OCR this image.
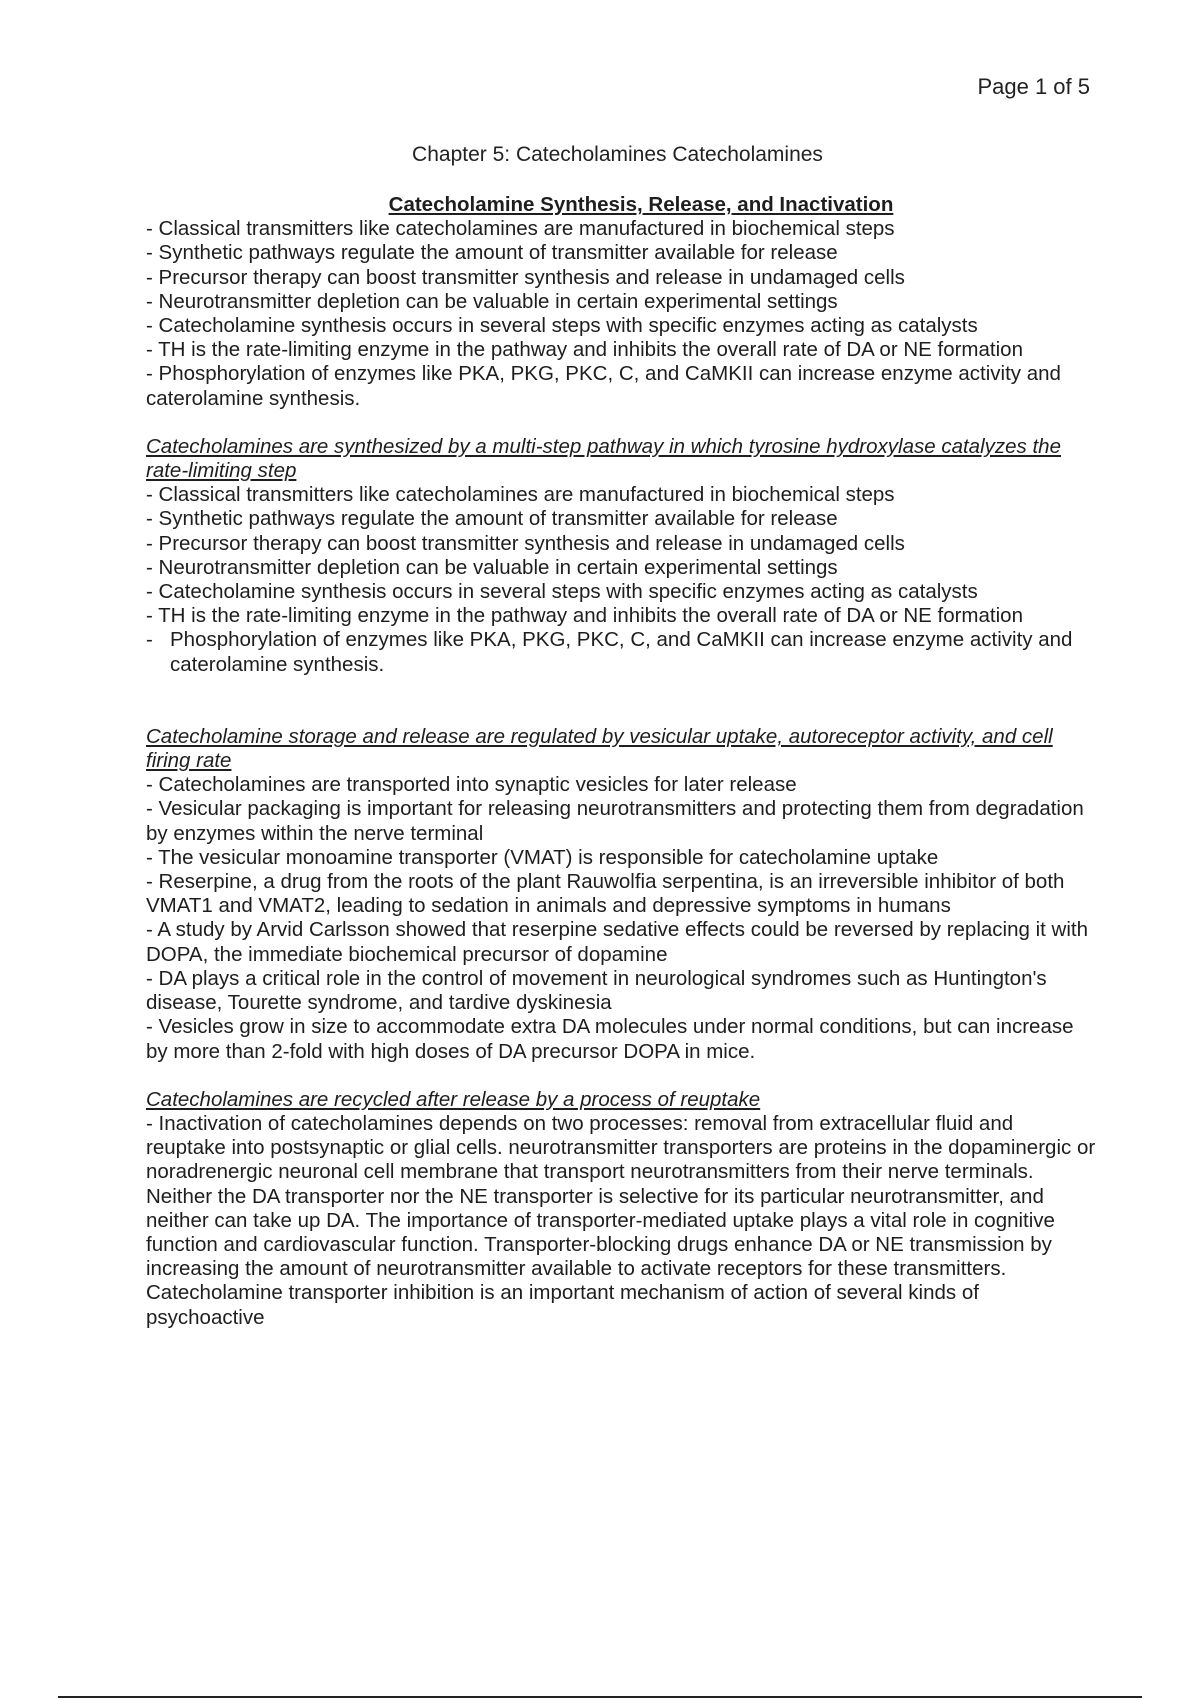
Page 1 of 5
Chapter 5: Catecholamines Catecholamines
Catecholamine Synthesis, Release, and Inactivation

- Classical transmitters like catecholamines are manufactured in biochemical steps

- Synthetic pathways regulate the amount of transmitter available for release

- Precursor therapy can boost transmitter synthesis and release in undamaged cells

- Neurotransmitter depletion can be valuable in certain experimental settings

- Catecholamine synthesis occurs in several steps with specific enzymes acting as catalysts

- TH is the rate-limiting enzyme in the pathway and inhibits the overall rate of DA or NE formation

- Phosphorylation of enzymes like PKA, PKG, PKC, C, and CaMKII can increase enzyme activity and caterolamine synthesis.

Catecholamines are synthesized by a multi-step pathway in which tyrosine hydroxylase catalyzes the rate-limiting step

- Classical transmitters like catecholamines are manufactured in biochemical steps

- Synthetic pathways regulate the amount of transmitter available for release

- Precursor therapy can boost transmitter synthesis and release in undamaged cells

- Neurotransmitter depletion can be valuable in certain experimental settings

- Catecholamine synthesis occurs in several steps with specific enzymes acting as catalysts

- TH is the rate-limiting enzyme in the pathway and inhibits the overall rate of DA or NE formation

- Phosphorylation of enzymes like PKA, PKG, PKC, C, and CaMKII can increase enzyme activity and caterolamine synthesis.
Catecholamine storage and release are regulated by vesicular uptake, autoreceptor activity, and cell firing rate

- Catecholamines are transported into synaptic vesicles for later release

- Vesicular packaging is important for releasing neurotransmitters and protecting them from degradation by enzymes within the nerve terminal

- The vesicular monoamine transporter (VMAT) is responsible for catecholamine uptake

- Reserpine, a drug from the roots of the plant Rauwolfia serpentina, is an irreversible inhibitor of both VMAT1 and VMAT2, leading to sedation in animals and depressive symptoms in humans

- A study by Arvid Carlsson showed that reserpine sedative effects could be reversed by replacing it with DOPA, the immediate biochemical precursor of dopamine

- DA plays a critical role in the control of movement in neurological syndromes such as Huntington's disease, Tourette syndrome, and tardive dyskinesia

- Vesicles grow in size to accommodate extra DA molecules under normal conditions, but can increase by more than 2-fold with high doses of DA precursor DOPA in mice.

Catecholamines are recycled after release by a process of reuptake

- Inactivation of catecholamines depends on two processes: removal from extracellular fluid and reuptake into postsynaptic or glial cells. neurotransmitter transporters are proteins in the dopaminergic or noradrenergic neuronal cell membrane that transport neurotransmitters from their nerve terminals. Neither the DA transporter nor the NE transporter is selective for its particular neurotransmitter, and neither can take up DA. The importance of transporter-mediated uptake plays a vital role in cognitive function and cardiovascular function. Transporter-blocking drugs enhance DA or NE transmission by increasing the amount of neurotransmitter available to activate receptors for these transmitters. Catecholamine transporter inhibition is an important mechanism of action of several kinds of psychoactive
